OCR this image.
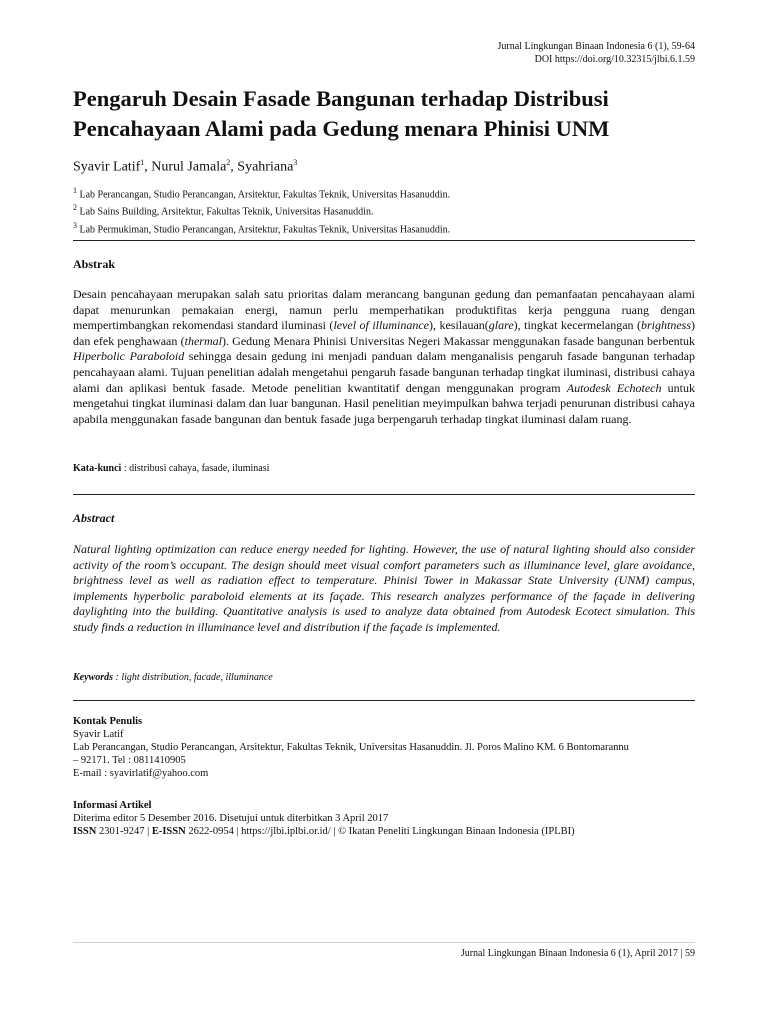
Jurnal Lingkungan Binaan Indonesia 6 (1), 59-64
DOI https://doi.org/10.32315/jlbi.6.1.59
Pengaruh Desain Fasade Bangunan terhadap Distribusi
Pencahayaan Alami pada Gedung menara Phinisi UNM
Syavir Latif$^1$, Nurul Jamala$^2$, Syahriana$^3$
$^1$ Lab Perancangan, Studio Perancangan, Arsitektur, Fakultas Teknik, Universitas Hasanuddin.
$^2$ Lab Sains Building, Arsitektur, Fakultas Teknik, Universitas Hasanuddin.
$^3$ Lab Permukiman, Studio Perancangan, Arsitektur, Fakultas Teknik, Universitas Hasanuddin.
Abstrak

Desain pencahayaan merupakan salah satu prioritas dalam merancang bangunan gedung dan pemanfaatan pencahayaan alami dapat menurunkan pemakaian energi, namun perlu memperhatikan produktifitas kerja pengguna ruang dengan mempertimbangkan rekomendasi standard iluminasi (level of illuminance), kesilauan(glare), tingkat kecermelangan (brightness) dan efek penghawaan (thermal). Gedung Menara Phinisi Universitas Negeri Makassar menggunakan fasade bangunan berbentuk Hiperbolic Paraboloid sehingga desain gedung ini menjadi panduan dalam menganalisis pengaruh fasade bangunan terhadap pencahayaan alami. Tujuan penelitian adalah mengetahui pengaruh fasade bangunan terhadap tingkat iluminasi, distribusi cahaya alami dan aplikasi bentuk fasade. Metode penelitian kwantitatif dengan menggunakan program Autodesk Echotech untuk mengetahui tingkat iluminasi dalam dan luar bangunan. Hasil penelitian meyimpulkan bahwa terjadi penurunan distribusi cahaya apabila menggunakan fasade bangunan dan bentuk fasade juga berpengaruh terhadap tingkat iluminasi dalam ruang.

Kata-kunci : distribusi cahaya, fasade, iluminasi
Abstract

Natural lighting optimization can reduce energy needed for lighting. However, the use of natural lighting should also consider activity of the room’s occupant. The design should meet visual comfort parameters such as illuminance level, glare avoidance, brightness level as well as radiation effect to temperature. Phinisi Tower in Makassar State University (UNM) campus, implements hyperbolic paraboloid elements at its façade. This research analyzes performance of the façade in delivering daylighting into the building. Quantitative analysis is used to analyze data obtained from Autodesk Ecotect simulation. This study finds a reduction in illuminance level and distribution if the façade is implemented.

Keywords : light distribution, facade, illuminance
Kontak Penulis
Syavir Latif
Lab Perancangan, Studio Perancangan, Arsitektur, Fakultas Teknik, Universitas Hasanuddin. Jl. Poros Malino KM. 6 Bontomarannu
– 92171. Tel : 0811410905
E-mail : syavirlatif@yahoo.com
Informasi Artikel
Diterima editor 5 Desember 2016. Disetujui untuk diterbitkan 3 April 2017
ISSN 2301-9247 | E-ISSN 2622-0954 | https://jlbi.iplbi.or.id/ | © Ikatan Peneliti Lingkungan Binaan Indonesia (IPLBI)
Jurnal Lingkungan Binaan Indonesia 6 (1), April 2017 | 59
